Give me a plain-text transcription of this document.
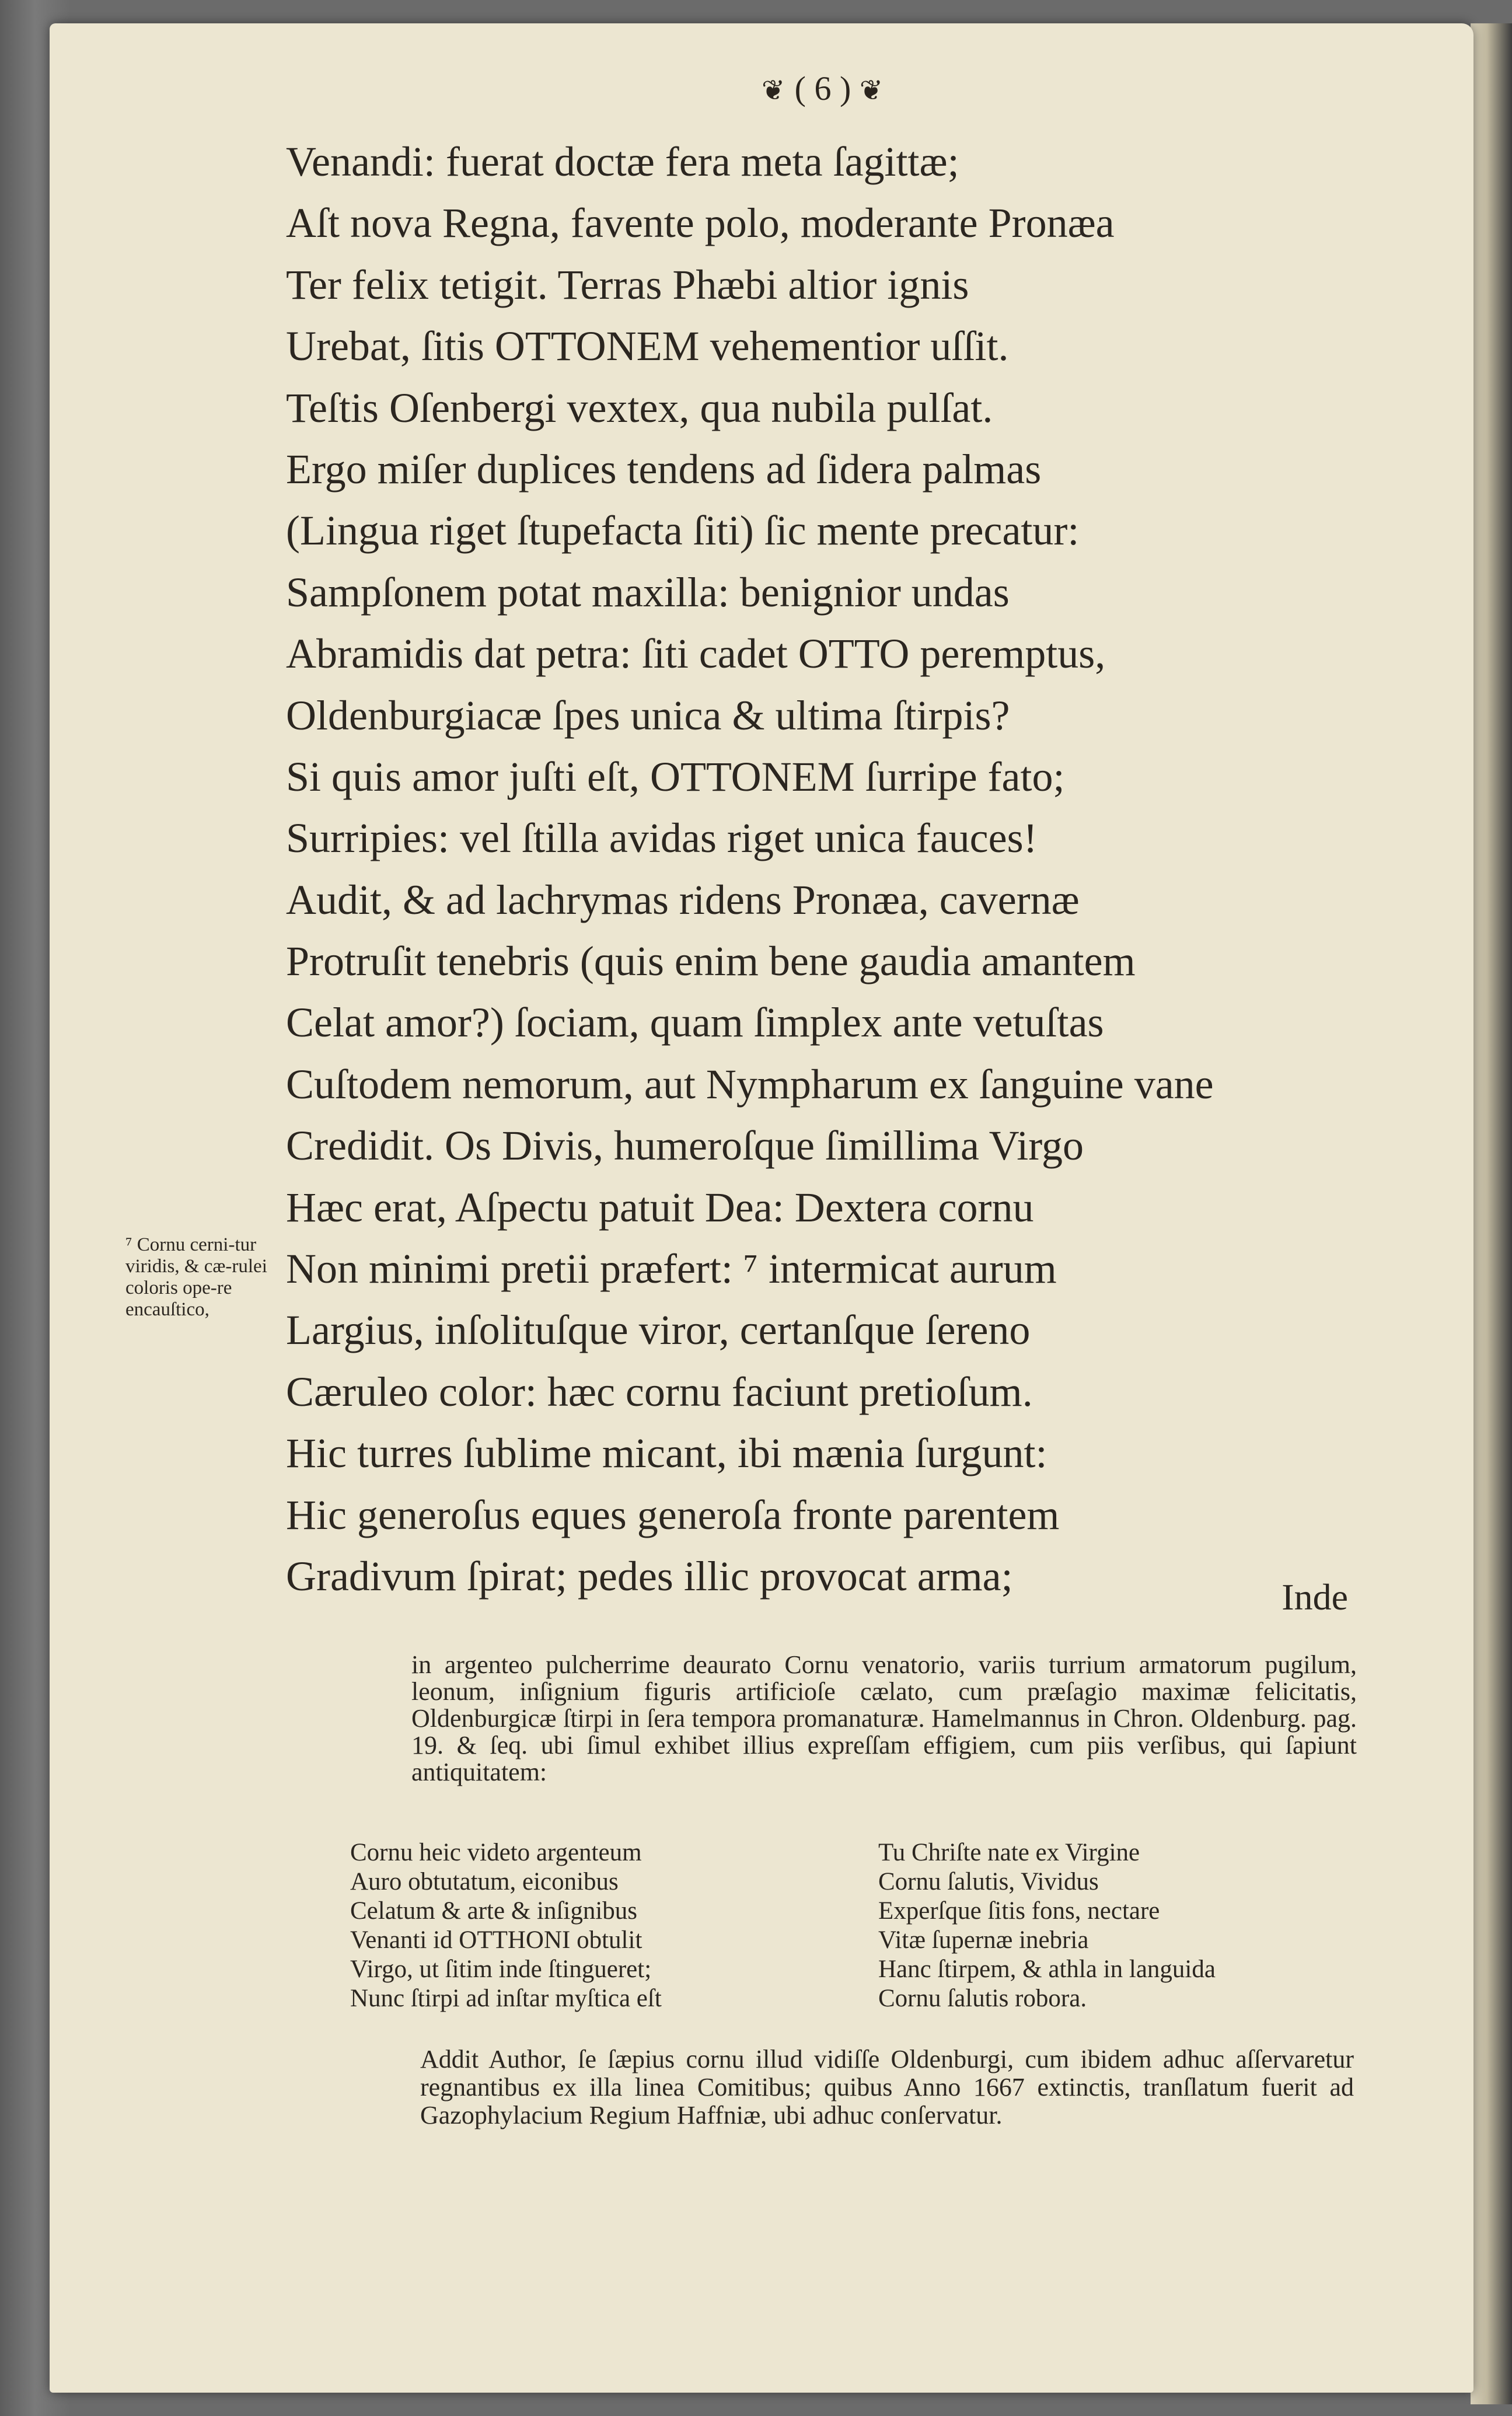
❦ ( 6 ) ❦
Venandi: fuerat doctæ fera meta ſagittæ;
Aſt nova Regna, favente polo, moderante Pronæa
Ter felix tetigit. Terras Phæbi altior ignis
Urebat, ſitis OTTONEM vehementior uſſit.
Teſtis Oſenbergi vextex, qua nubila pulſat.
Ergo miſer duplices tendens ad ſidera palmas
(Lingua riget ſtupefacta ſiti) ſic mente precatur:
Sampſonem potat maxilla: benignior undas
Abramidis dat petra: ſiti cadet OTTO peremptus,
Oldenburgiacæ ſpes unica & ultima ſtirpis?
Si quis amor juſti eſt, OTTONEM ſurripe fato;
Surripies: vel ſtilla avidas riget unica fauces!
Audit, & ad lachrymas ridens Pronæa, cavernæ
Protruſit tenebris (quis enim bene gaudia amantem
Celat amor?) ſociam, quam ſimplex ante vetuſtas
Cuſtodem nemorum, aut Nympharum ex ſanguine vane
Credidit. Os Divis, humeroſque ſimillima Virgo
Hæc erat, Aſpectu patuit Dea: Dextera cornu
Non minimi pretii præfert: ⁷ intermicat aurum
Largius, inſolituſque viror, certanſque ſereno
Cæruleo color: hæc cornu faciunt pretioſum.
Hic turres ſublime micant, ibi mænia ſurgunt:
Hic generoſus eques generoſa fronte parentem
Gradivum ſpirat; pedes illic provocat arma;	Inde
⁷ Cornu cerni-tur viridis, & cæ-rulei coloris ope-re encauſtico,
in argenteo pulcherrime deaurato Cornu venatorio, variis turrium armatorum pugilum, leonum, inſignium figuris artificioſe cælato, cum præſagio maximæ felicitatis, Oldenburgicæ ſtirpi in ſera tempora promanaturæ. Hamelmannus in Chron. Oldenburg. pag. 19. & ſeq. ubi ſimul exhibet illius expreſſam effigiem, cum piis verſibus, qui ſapiunt antiquitatem:
Cornu heic videto argenteum
Auro obtutatum, eiconibus
Celatum & arte & inſignibus
Venanti id OTTHONI obtulit
Virgo, ut ſitim inde ſtingueret;
Nunc ſtirpi ad inſtar myſtica eſt
Tu Chriſte nate ex Virgine
Cornu ſalutis, Vividus
Experſque ſitis fons, nectare
Vitæ ſupernæ inebria
Hanc ſtirpem, & athla in languida
Cornu ſalutis robora.
Addit Author, ſe ſæpius cornu illud vidiſſe Oldenburgi, cum ibidem adhuc aſſervaretur regnantibus ex illa linea Comitibus; quibus Anno 1667 extinctis, tranſlatum fuerit ad Gazophylacium Regium Haffniæ, ubi adhuc conſervatur.
